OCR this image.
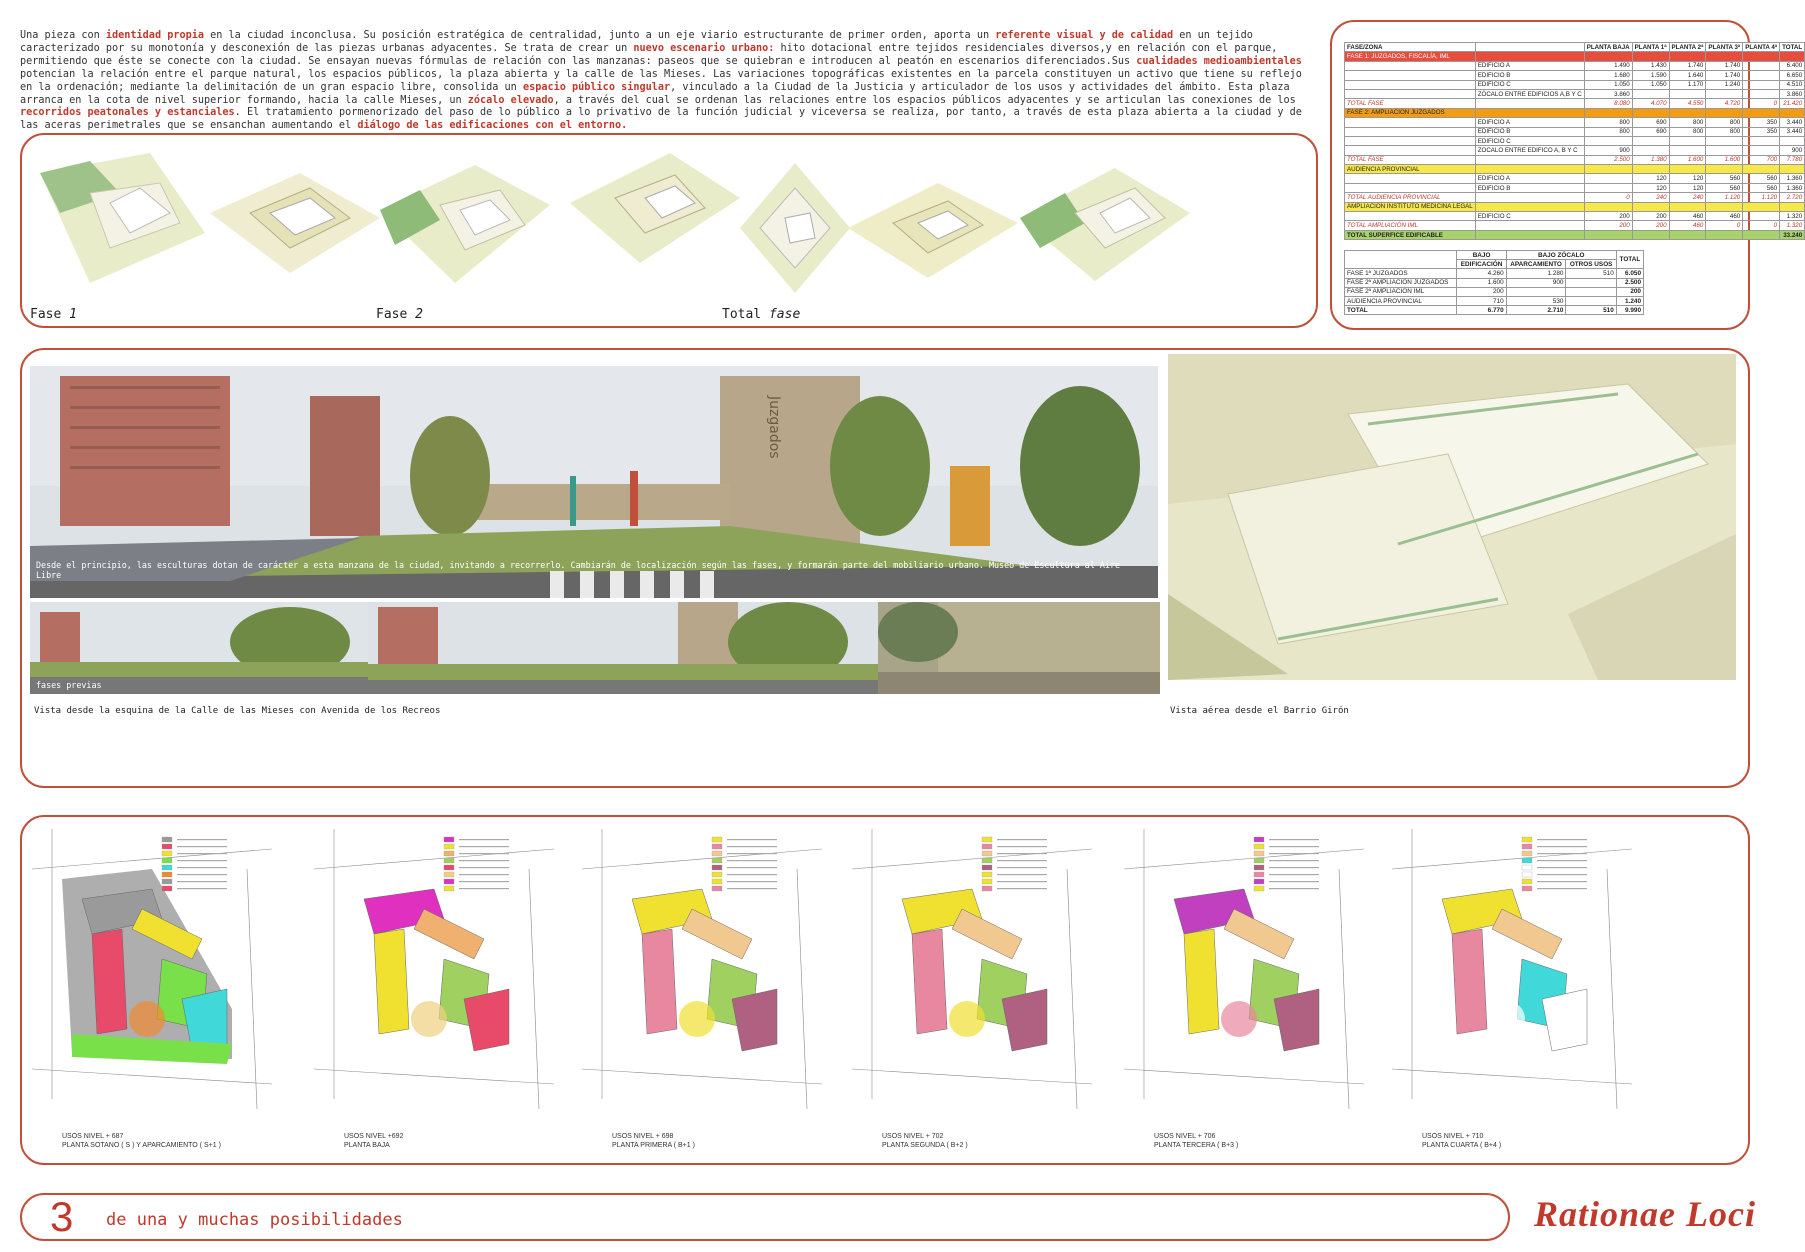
Una pieza con identidad propia en la ciudad inconclusa. Su posición estratégica de centralidad, junto a un eje viario estructurante de primer orden, aporta un referente visual y de calidad en un tejido caracterizado por su monotonía y desconexión de las piezas urbanas adyacentes. Se trata de crear un nuevo escenario urbano: hito dotacional entre tejidos residenciales diversos,y en relación con el parque, permitiendo que éste se conecte con la ciudad. Se ensayan nuevas fórmulas de relación con las manzanas: paseos que se quiebran e introducen al peatón en escenarios diferenciados.Sus cualidades medioambientales potencian la relación entre el parque natural, los espacios públicos, la plaza abierta y la calle de las Mieses. Las variaciones topográficas existentes en la parcela constituyen un activo que tiene su reflejo en la ordenación; mediante la delimitación de un gran espacio libre, consolida un espacio público singular, vinculado a la Ciudad de la Justicia y articulador de los usos y actividades del ámbito. Esta plaza arranca en la cota de nivel superior formando, hacia la calle Mieses, un zócalo elevado, a través del cual se ordenan las relaciones entre los espacios públicos adyacentes y se articulan las conexiones de los recorridos peatonales y estanciales. El tratamiento pormenorizado del paso de lo público a lo privativo de la función judicial y viceversa se realiza, por tanto, a través de esta plaza abierta a la ciudad y de las aceras perimetrales que se ensanchan aumentando el diálogo de las edificaciones con el entorno.
Fase 1	Fase 2	Total fase
FASE/ZONA		PLANTA BAJA	PLANTA 1ª	PLANTA 2ª	PLANTA 3ª	PLANTA 4ª	TOTAL
FASE 1: JUZGADOS, FISCALÍA, IML							
	EDIFICIO A	1.490	1.430	1.740	1.740		6.400
	EDIFICIO B	1.680	1.590	1.640	1.740		6.650
	EDIFICIO C	1.050	1.050	1.170	1.240		4.510
	ZÓCALO ENTRE EDIFICIOS A,B Y C	3.860					3.860
TOTAL FASE		8.080	4.070	4.550	4.720	0	21.420
FASE 2: AMPLIACION JUZGADOS							
	EDIFICIO A	800	690	800	800	350	3.440
	EDIFICIO B	800	690	800	800	350	3.440
	EDIFICIO C						
	ZOCALO ENTRE EDIFICO A, B Y C	900					900
TOTAL FASE		2.500	1.380	1.600	1.600	700	7.780
AUDIENCIA PROVINCIAL							
	EDIFICIO A		120	120	560	560	1.360
	EDIFICIO B		120	120	560	560	1.360
TOTAL AUDIENCIA PROVINCIAL		0	240	240	1.120	1.120	2.720
AMPLIACION INSTITUTO MEDICINA LEGAL							
	EDIFICIO C	200	200	460	460		1.320
TOTAL AMPLIACIÓN IML		200	200	460	0	0	1.320
TOTAL SUPERFICE EDIFICABLE							33.240
	BAJO	BAJO ZÓCALO		TOTAL
	EDIFICACIÓN	APARCAMIENTO	OTROS USOS	
FASE 1ª JUZGADOS	4.260	1.280	510	6.050
FASE 2ª AMPLIACION JUZGADOS	1.600	900		2.500
FASE 2ª AMPLIACION IML	200			200
AUDIENCIA PROVINCIAL	710	530		1.240
TOTAL	6.770	2.710	510	9.990
Juzgados
Desde el principio, las esculturas dotan de carácter a esta manzana de la ciudad, invitando a recorrerlo. Cambiarán de localización según las fases, y formarán parte del mobiliario urbano. Museo de Escultura al Aire Libre
fases previas
Vista desde la esquina de la Calle de las Mieses con Avenida de los Recreos	Vista aérea desde el Barrio Girón
USOS NIVEL + 687
PLANTA SOTANO ( S ) Y APARCAMIENTO ( S+1 )
USOS NIVEL +692
PLANTA BAJA
USOS NIVEL + 698
PLANTA PRIMERA ( B+1 )
USOS NIVEL + 702
PLANTA SEGUNDA ( B+2 )
USOS NIVEL + 706
PLANTA TERCERA ( B+3 )
USOS NIVEL + 710
PLANTA CUARTA ( B+4 )
3 de una y muchas posibilidades	Rationae Loci
